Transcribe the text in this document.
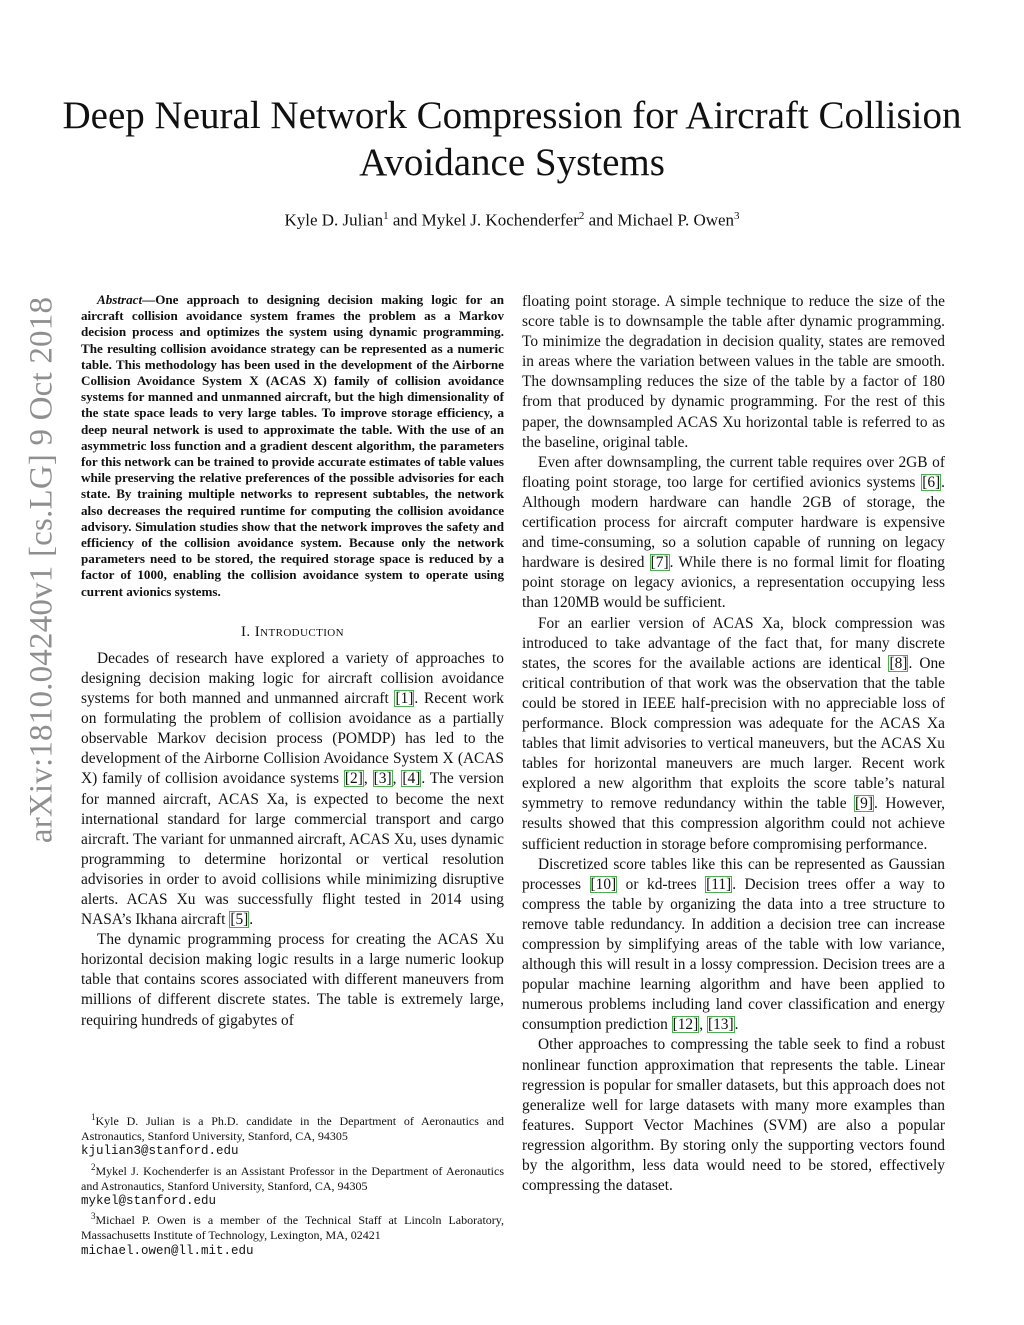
arXiv:1810.04240v1 [cs.LG] 9 Oct 2018
Deep Neural Network Compression for Aircraft Collision Avoidance Systems
Kyle D. Julian$^1$ and Mykel J. Kochenderfer$^2$ and Michael P. Owen$^3$

Abstract—One approach to designing decision making logic for an aircraft collision avoidance system frames the problem as a Markov decision process and optimizes the system using dynamic programming. The resulting collision avoidance strategy can be represented as a numeric table. This methodology has been used in the development of the Airborne Collision Avoidance System X (ACAS X) family of collision avoidance systems for manned and unmanned aircraft, but the high dimensionality of the state space leads to very large tables. To improve storage efficiency, a deep neural network is used to approximate the table. With the use of an asymmetric loss function and a gradient descent algorithm, the parameters for this network can be trained to provide accurate estimates of table values while preserving the relative preferences of the possible advisories for each state. By training multiple networks to represent subtables, the network also decreases the required runtime for computing the collision avoidance advisory. Simulation studies show that the network improves the safety and efficiency of the collision avoidance system. Because only the network parameters need to be stored, the required storage space is reduced by a factor of 1000, enabling the collision avoidance system to operate using current avionics systems.

I. Introduction

Decades of research have explored a variety of approaches to designing decision making logic for aircraft collision avoidance systems for both manned and unmanned aircraft [1]. Recent work on formulating the problem of collision avoidance as a partially observable Markov decision process (POMDP) has led to the development of the Airborne Collision Avoidance System X (ACAS X) family of collision avoidance systems [2], [3], [4]. The version for manned aircraft, ACAS Xa, is expected to become the next international standard for large commercial transport and cargo aircraft. The variant for unmanned aircraft, ACAS Xu, uses dynamic programming to determine horizontal or vertical resolution advisories in order to avoid collisions while minimizing disruptive alerts. ACAS Xu was successfully flight tested in 2014 using NASA’s Ikhana aircraft [5].

The dynamic programming process for creating the ACAS Xu horizontal decision making logic results in a large numeric lookup table that contains scores associated with different maneuvers from millions of different discrete states. The table is extremely large, requiring hundreds of gigabytes of

$^1$Kyle D. Julian is a Ph.D. candidate in the Department of Aeronautics and Astronautics, Stanford University, Stanford, CA, 94305
kjulian3@stanford.edu

$^2$Mykel J. Kochenderfer is an Assistant Professor in the Department of Aeronautics and Astronautics, Stanford University, Stanford, CA, 94305
mykel@stanford.edu

$^3$Michael P. Owen is a member of the Technical Staff at Lincoln Laboratory, Massachusetts Institute of Technology, Lexington, MA, 02421
michael.owen@ll.mit.edu

floating point storage. A simple technique to reduce the size of the score table is to downsample the table after dynamic programming. To minimize the degradation in decision quality, states are removed in areas where the variation between values in the table are smooth. The downsampling reduces the size of the table by a factor of 180 from that produced by dynamic programming. For the rest of this paper, the downsampled ACAS Xu horizontal table is referred to as the baseline, original table.

Even after downsampling, the current table requires over 2GB of floating point storage, too large for certified avionics systems [6]. Although modern hardware can handle 2GB of storage, the certification process for aircraft computer hardware is expensive and time-consuming, so a solution capable of running on legacy hardware is desired [7]. While there is no formal limit for floating point storage on legacy avionics, a representation occupying less than 120MB would be sufficient.

For an earlier version of ACAS Xa, block compression was introduced to take advantage of the fact that, for many discrete states, the scores for the available actions are identical [8]. One critical contribution of that work was the observation that the table could be stored in IEEE half-precision with no appreciable loss of performance. Block compression was adequate for the ACAS Xa tables that limit advisories to vertical maneuvers, but the ACAS Xu tables for horizontal maneuvers are much larger. Recent work explored a new algorithm that exploits the score table’s natural symmetry to remove redundancy within the table [9]. However, results showed that this compression algorithm could not achieve sufficient reduction in storage before compromising performance.

Discretized score tables like this can be represented as Gaussian processes [10] or kd-trees [11]. Decision trees offer a way to compress the table by organizing the data into a tree structure to remove table redundancy. In addition a decision tree can increase compression by simplifying areas of the table with low variance, although this will result in a lossy compression. Decision trees are a popular machine learning algorithm and have been applied to numerous problems including land cover classification and energy consumption prediction [12], [13].

Other approaches to compressing the table seek to find a robust nonlinear function approximation that represents the table. Linear regression is popular for smaller datasets, but this approach does not generalize well for large datasets with many more examples than features. Support Vector Machines (SVM) are also a popular regression algorithm. By storing only the supporting vectors found by the algorithm, less data would need to be stored, effectively compressing the dataset.
